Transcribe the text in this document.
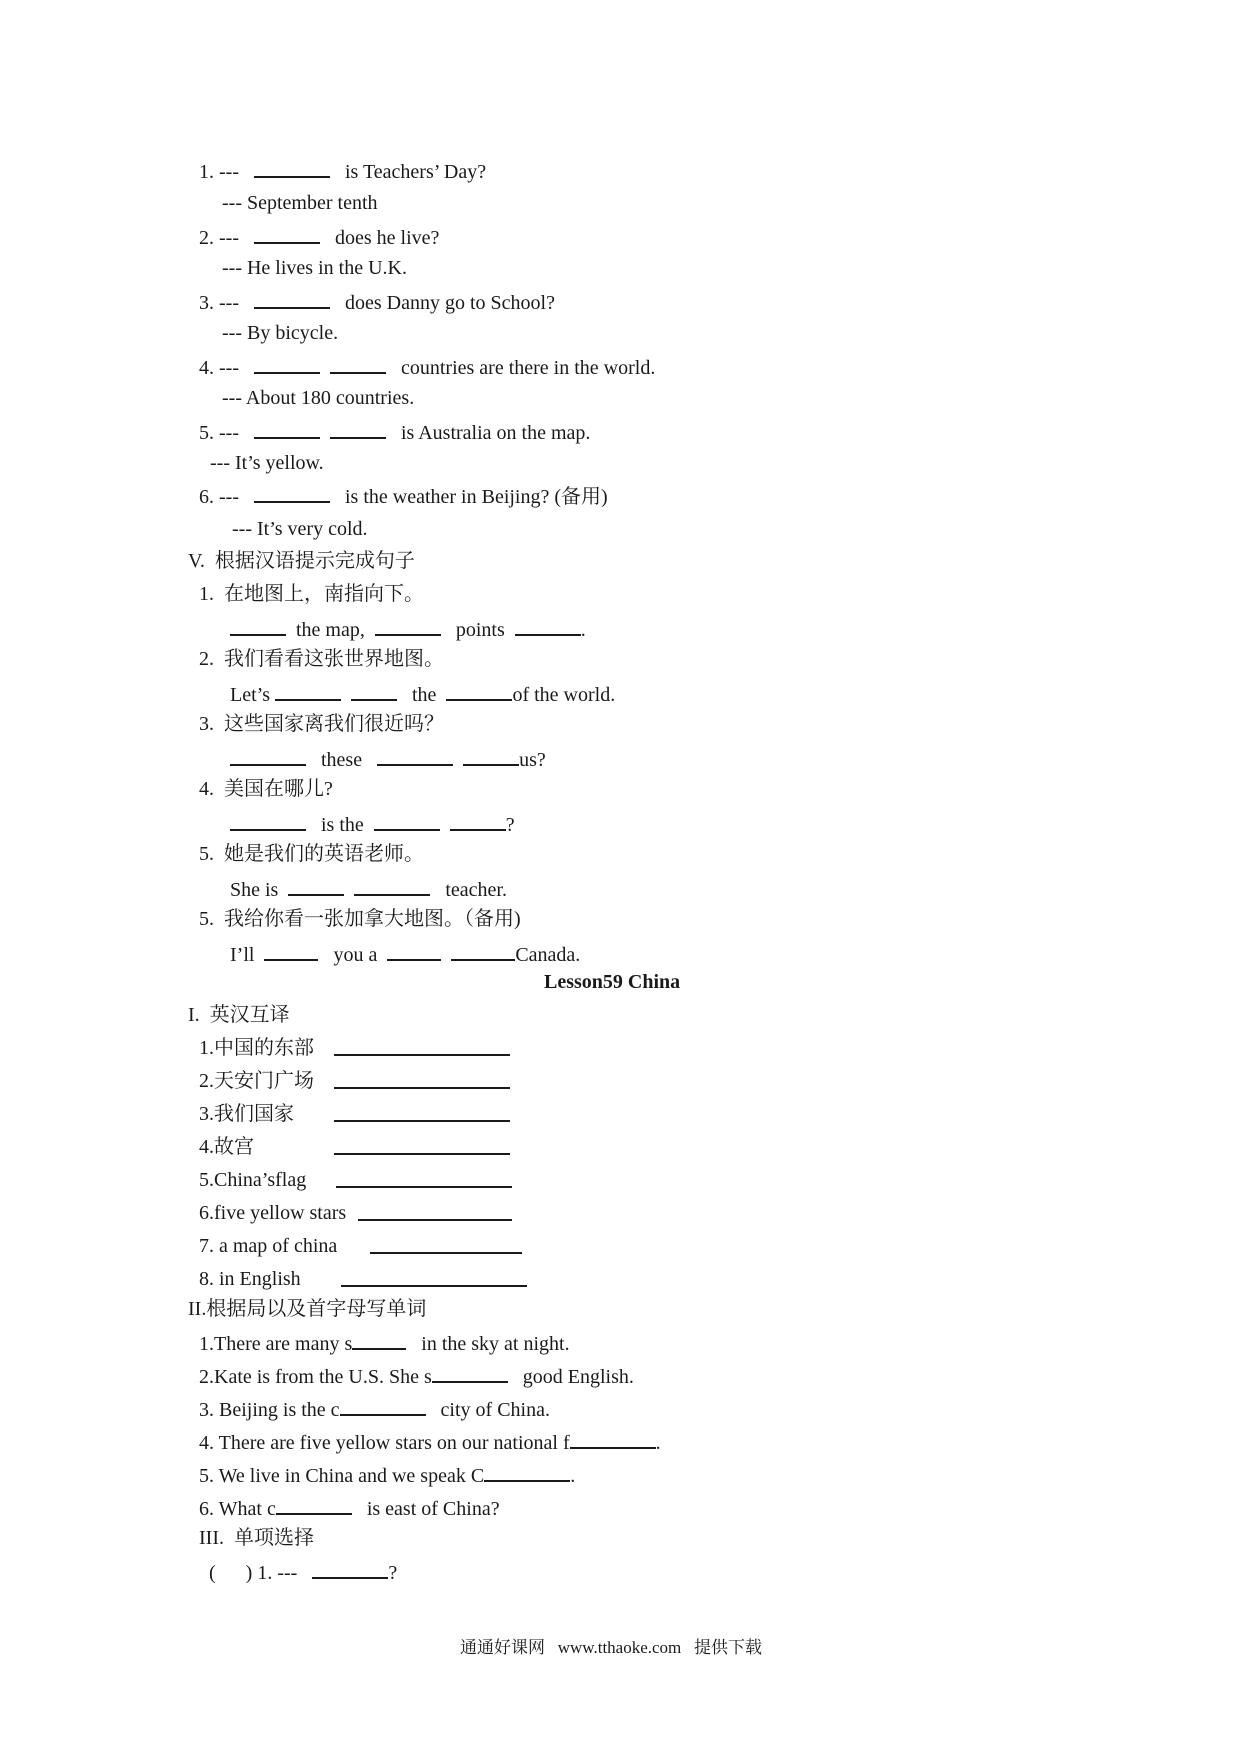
1. ---	is Teachers’ Day?
--- September tenth
2. ---	does he live?
--- He lives in the U.K.
3. ---	does Danny go to School?
--- By bicycle.
4. ---	countries are there in the world.
--- About 180 countries.
5. ---	is Australia on the map.
--- It’s yellow.
6. ---	is the weather in Beijing? (备用)
--- It’s very cold.
V.  根据汉语提示完成句子
1.  在地图上，南指向下。
the map,	points	.
2.  我们看看这张世界地图。
Let’s	the	of the world.
3.  这些国家离我们很近吗？
these	us?
4.  美国在哪儿?
is the	?
5.  她是我们的英语老师。
She is	teacher.
5.  我给你看一张加拿大地图。（备用)
I’ll	you a	Canada.
Lesson59 China
I.  英汉互译
1.中国的东部
2.天安门广场
3.我们国家
4.故宫
5.China’sflag
6.five yellow stars
7. a map of china
8. in English
II.根据局以及首字母写单词
1.There are many s	in the sky at night.
2.Kate is from the U.S. She s	good English.
3. Beijing is the c	city of China.
4. There are five yellow stars on our national f	.
5. We live in China and we speak C	.
6. What c	is east of China?
III.  单项选择
(      ) 1. ---	?
通通好课网   www.tthaoke.com   提供下载
